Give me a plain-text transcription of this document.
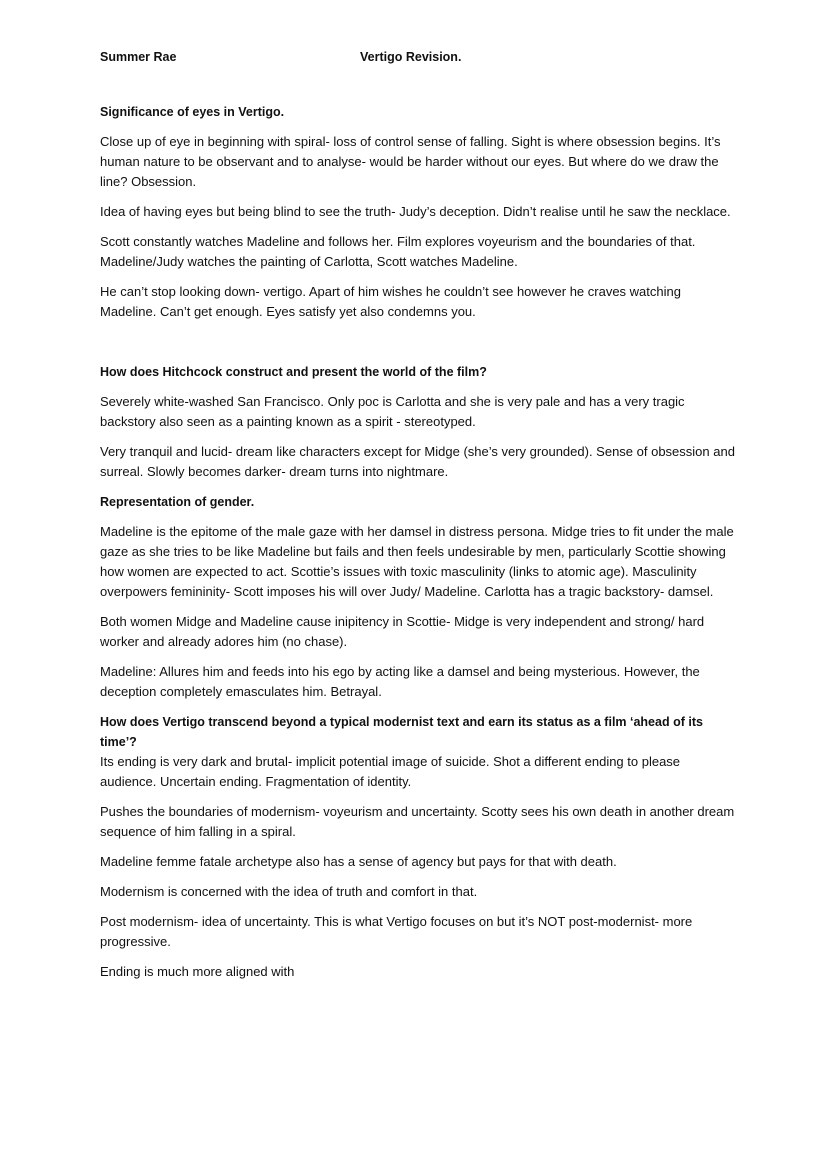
Summer Rae	Vertigo Revision.
Significance of eyes in Vertigo.
Close up of eye in beginning with spiral- loss of control sense of falling. Sight is where obsession begins. It’s human nature to be observant and to analyse- would be harder without our eyes. But where do we draw the line? Obsession.
Idea of having eyes but being blind to see the truth- Judy’s deception. Didn’t realise until he saw the necklace.
Scott constantly watches Madeline and follows her. Film explores voyeurism and the boundaries of that.
Madeline/Judy watches the painting of Carlotta, Scott watches Madeline.
He can’t stop looking down- vertigo. Apart of him wishes he couldn’t see however he craves watching Madeline. Can’t get enough. Eyes satisfy yet also condemns you.
How does Hitchcock construct and present the world of the film?
Severely white-washed San Francisco. Only poc is Carlotta and she is very pale and has a very tragic backstory also seen as a painting known as a spirit - stereotyped.
Very tranquil and lucid- dream like characters except for Midge (she’s very grounded). Sense of obsession and surreal. Slowly becomes darker- dream turns into nightmare.
Representation of gender.
Madeline is the epitome of the male gaze with her damsel in distress persona. Midge tries to fit under the male gaze as she tries to be like Madeline but fails and then feels undesirable by men, particularly Scottie showing how women are expected to act. Scottie’s issues with toxic masculinity (links to atomic age). Masculinity overpowers femininity- Scott imposes his will over Judy/ Madeline. Carlotta has a tragic backstory- damsel.
Both women Midge and Madeline cause inipitency in Scottie- Midge is very independent and strong/ hard worker and already adores him (no chase).
Madeline: Allures him and feeds into his ego by acting like a damsel and being mysterious. However, the deception completely emasculates him. Betrayal.
How does Vertigo transcend beyond a typical modernist text and earn its status as a film ‘ahead of its time’?
Its ending is very dark and brutal- implicit potential image of suicide. Shot a different ending to please audience. Uncertain ending. Fragmentation of identity.
Pushes the boundaries of modernism- voyeurism and uncertainty. Scotty sees his own death in another dream sequence of him falling in a spiral.
Madeline femme fatale archetype also has a sense of agency but pays for that with death.
Modernism is concerned with the idea of truth and comfort in that.
Post modernism- idea of uncertainty. This is what Vertigo focuses on but it’s NOT post-modernist- more progressive.
Ending is much more aligned with
